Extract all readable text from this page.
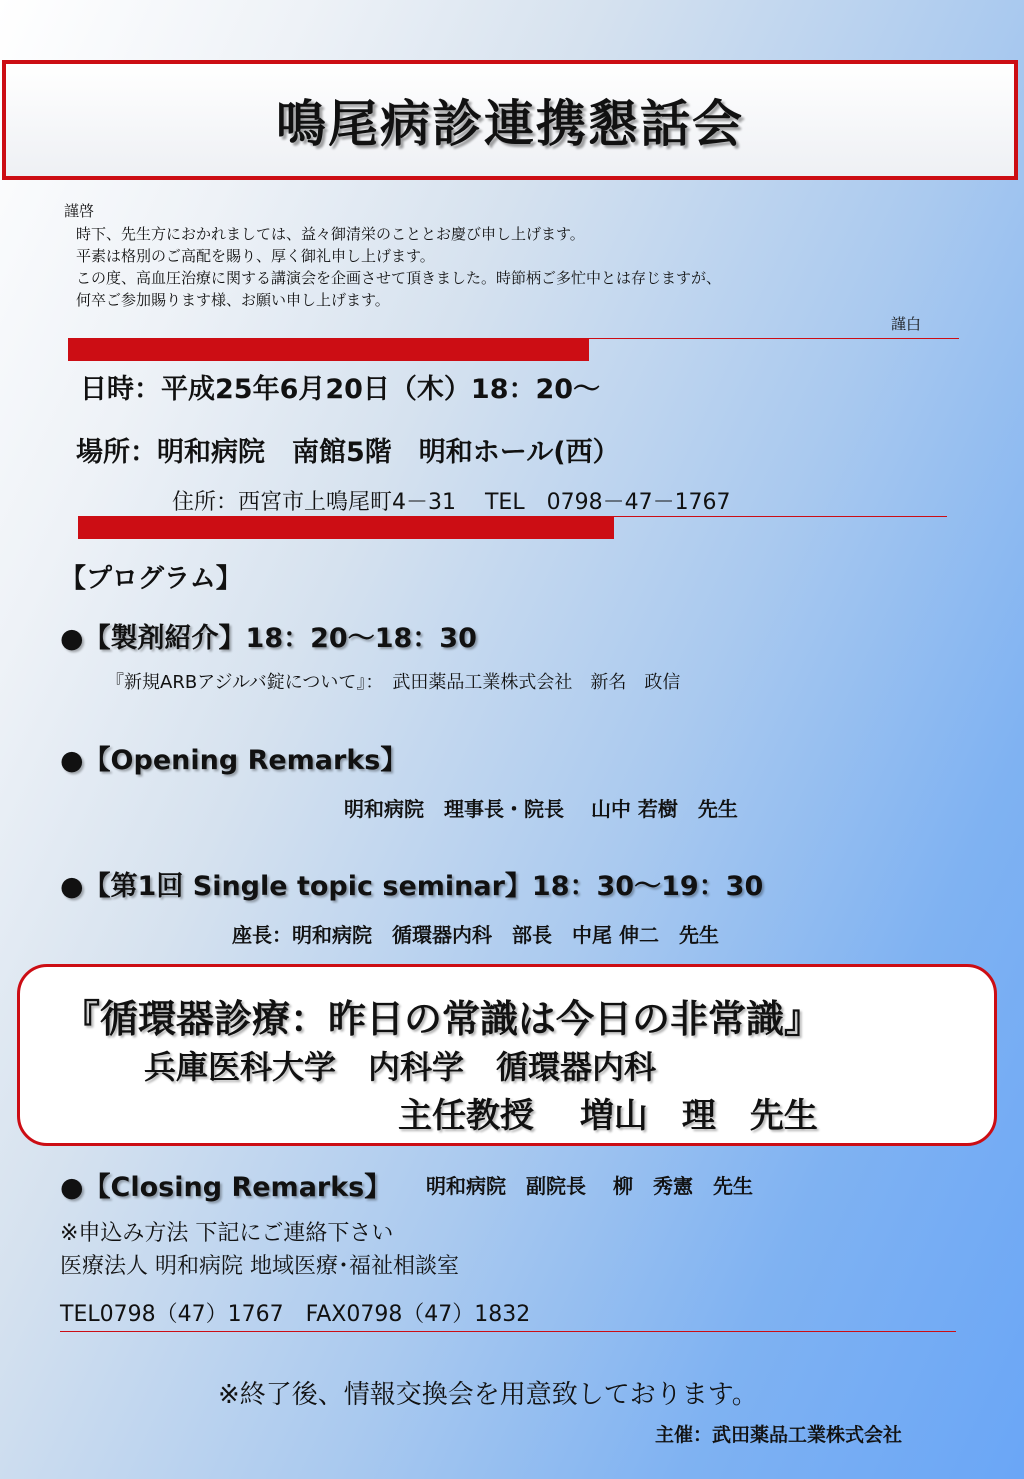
鳴尾病診連携懇話会
謹啓
時下、先生方におかれましては、益々御清栄のこととお慶び申し上げます。
平素は格別のご高配を賜り、厚く御礼申し上げます。
この度、高血圧治療に関する講演会を企画させて頂きました。時節柄ご多忙中とは存じますが、
何卒ご参加賜ります様、お願い申し上げます。
謹白
日時：平成25年6月20日（木）18：20～
場所：明和病院　南館5階　明和ホール(西）
住所：西宮市上鳴尾町4－31　 TEL　0798－47－1767
【プログラム】
●【製剤紹介】18：20～18：30
『新規ARBアジルバ錠について』：　武田薬品工業株式会社　新名　政信
●【Opening Remarks】
明和病院　理事長・院長　 山中 若樹　先生
●【第1回 Single topic seminar】18：30～19：30
座長：明和病院　循環器内科　部長　中尾 伸二　先生
『循環器診療：昨日の常識は今日の非常識』
兵庫医科大学　内科学　循環器内科
主任教授　 増山　理　先生
●【Closing Remarks】 明和病院　副院長　 柳　秀憲　先生
※申込み方法 下記にご連絡下さい
医療法人 明和病院 地域医療･福祉相談室
TEL0798（47）1767　FAX0798（47）1832
※終了後、情報交換会を用意致しております。
主催：武田薬品工業株式会社
